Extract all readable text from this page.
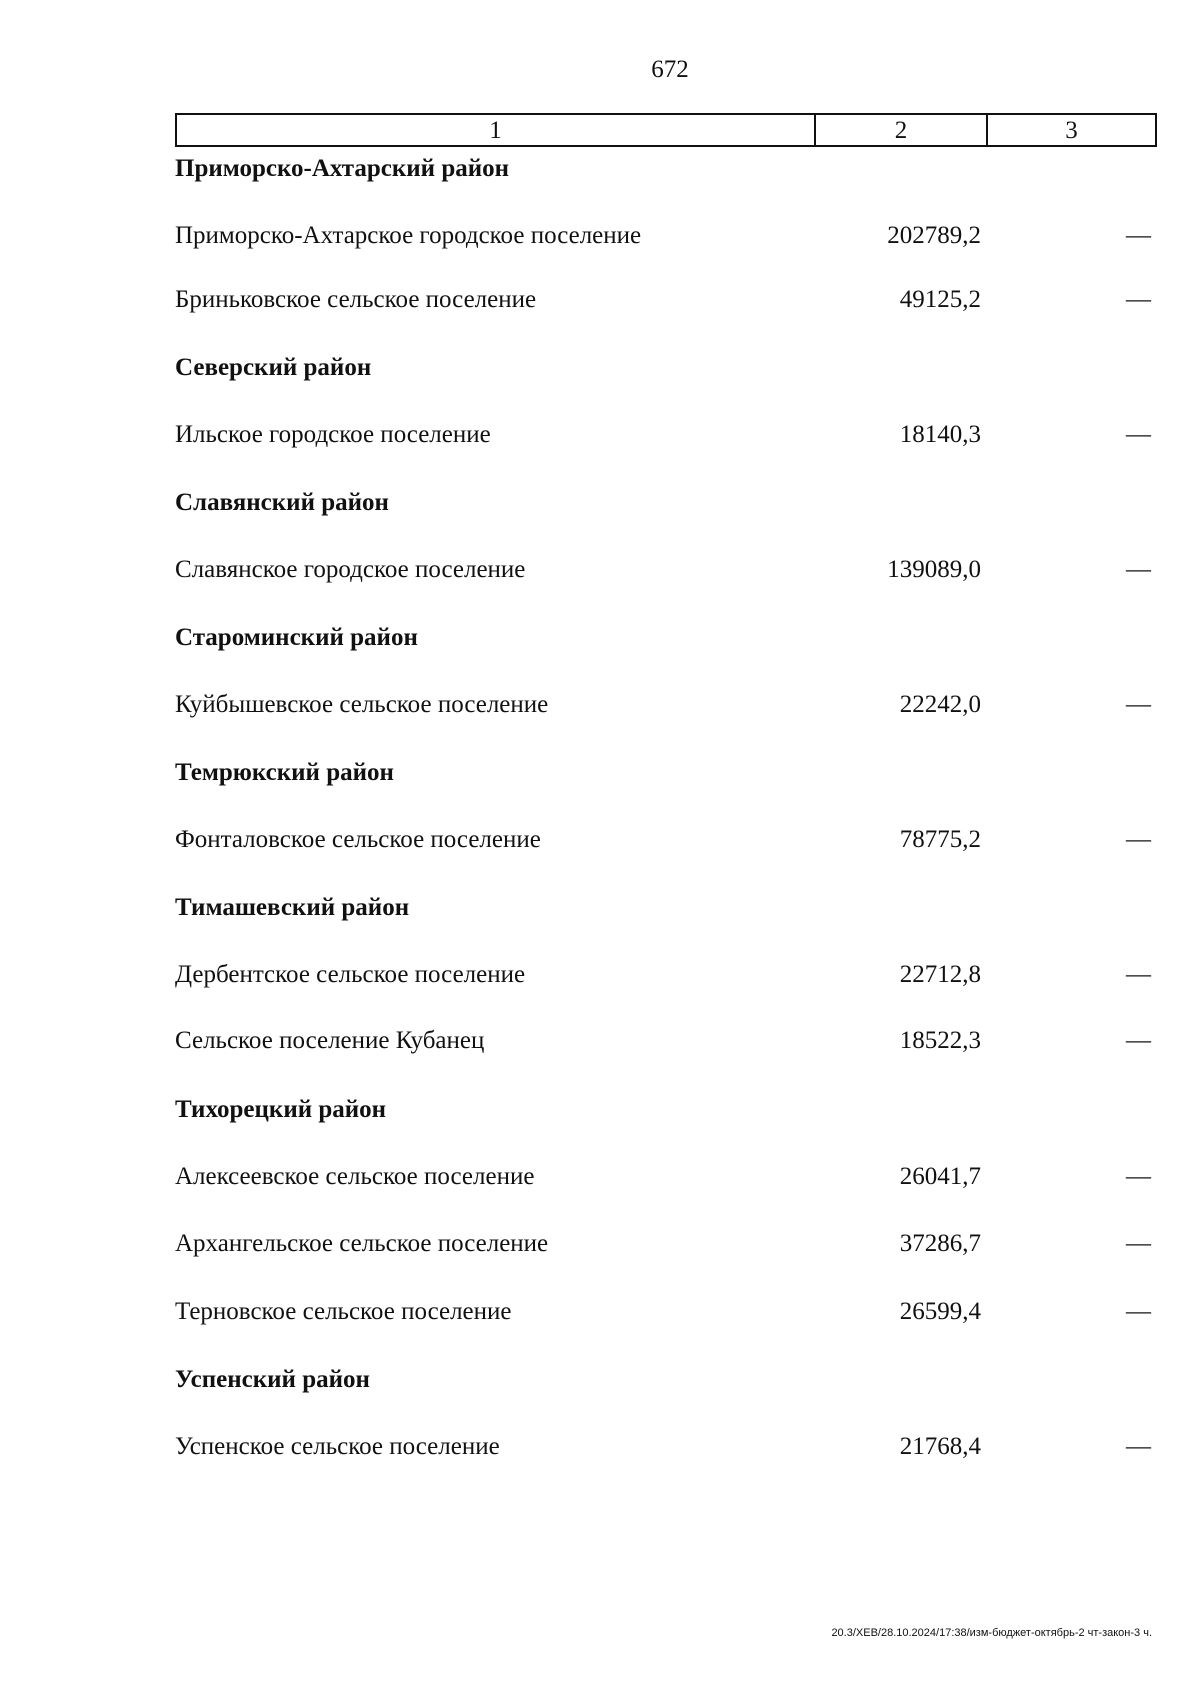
672
1	2	3
Приморско-Ахтарский район
Приморско-Ахтарское городское поселение	202789,2	—
Бриньковское сельское поселение	49125,2	—
Северский район
Ильское городское поселение	18140,3	—
Славянский район
Славянское городское поселение	139089,0	—
Староминский район
Куйбышевское сельское поселение	22242,0	—
Темрюкский район
Фонталовское сельское поселение	78775,2	—
Тимашевский район
Дербентское сельское поселение	22712,8	—
Сельское поселение Кубанец	18522,3	—
Тихорецкий район
Алексеевское сельское поселение	26041,7	—
Архангельское сельское поселение	37286,7	—
Терновское сельское поселение	26599,4	—
Успенский район
Успенское сельское поселение	21768,4	—
20.3/ХЕВ/28.10.2024/17:38/изм-бюджет-октябрь-2 чт-закон-3 ч.
